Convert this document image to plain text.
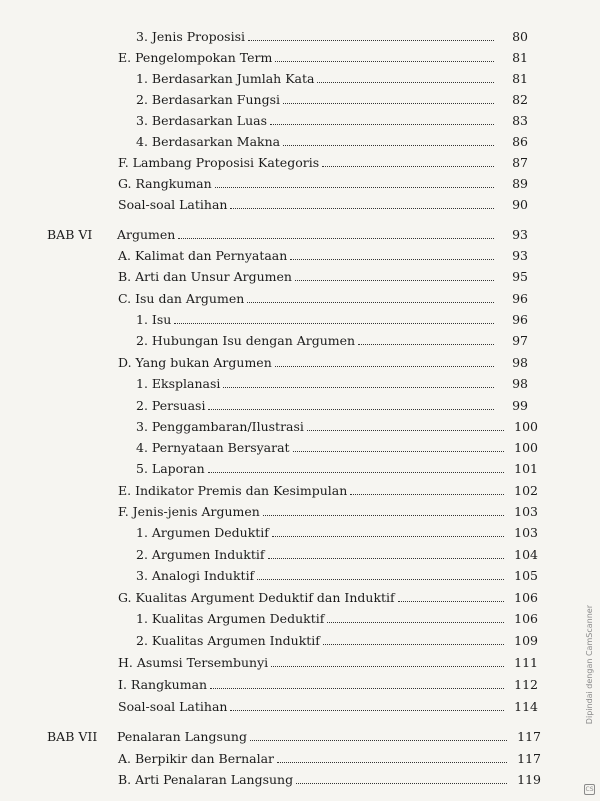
3. Jenis Proposisi	80
E. Pengelompokan Term	81
1. Berdasarkan Jumlah Kata	81
2. Berdasarkan Fungsi	82
3. Berdasarkan Luas	83
4. Berdasarkan Makna	86
F. Lambang Proposisi Kategoris	87
G. Rangkuman	89
Soal-soal Latihan	90
BAB VI	Argumen	93
A. Kalimat dan Pernyataan	93
B. Arti dan Unsur Argumen	95
C. Isu dan Argumen	96
1. Isu	96
2. Hubungan Isu dengan Argumen	97
D. Yang bukan Argumen	98
1. Eksplanasi	98
2. Persuasi	99
3. Penggambaran/Ilustrasi	100
4. Pernyataan Bersyarat	100
5. Laporan	101
E. Indikator Premis dan Kesimpulan	102
F. Jenis-jenis Argumen	103
1. Argumen Deduktif	103
2. Argumen Induktif	104
3. Analogi Induktif	105
G. Kualitas Argument Deduktif dan Induktif	106
1. Kualitas Argumen Deduktif	106
2. Kualitas Argumen Induktif	109
H. Asumsi Tersembunyi	111
I. Rangkuman	112
Soal-soal Latihan	114
BAB VII	Penalaran Langsung	117
A. Berpikir dan Bernalar	117
B. Arti Penalaran Langsung	119
Dipindai dengan CamScanner
CS
